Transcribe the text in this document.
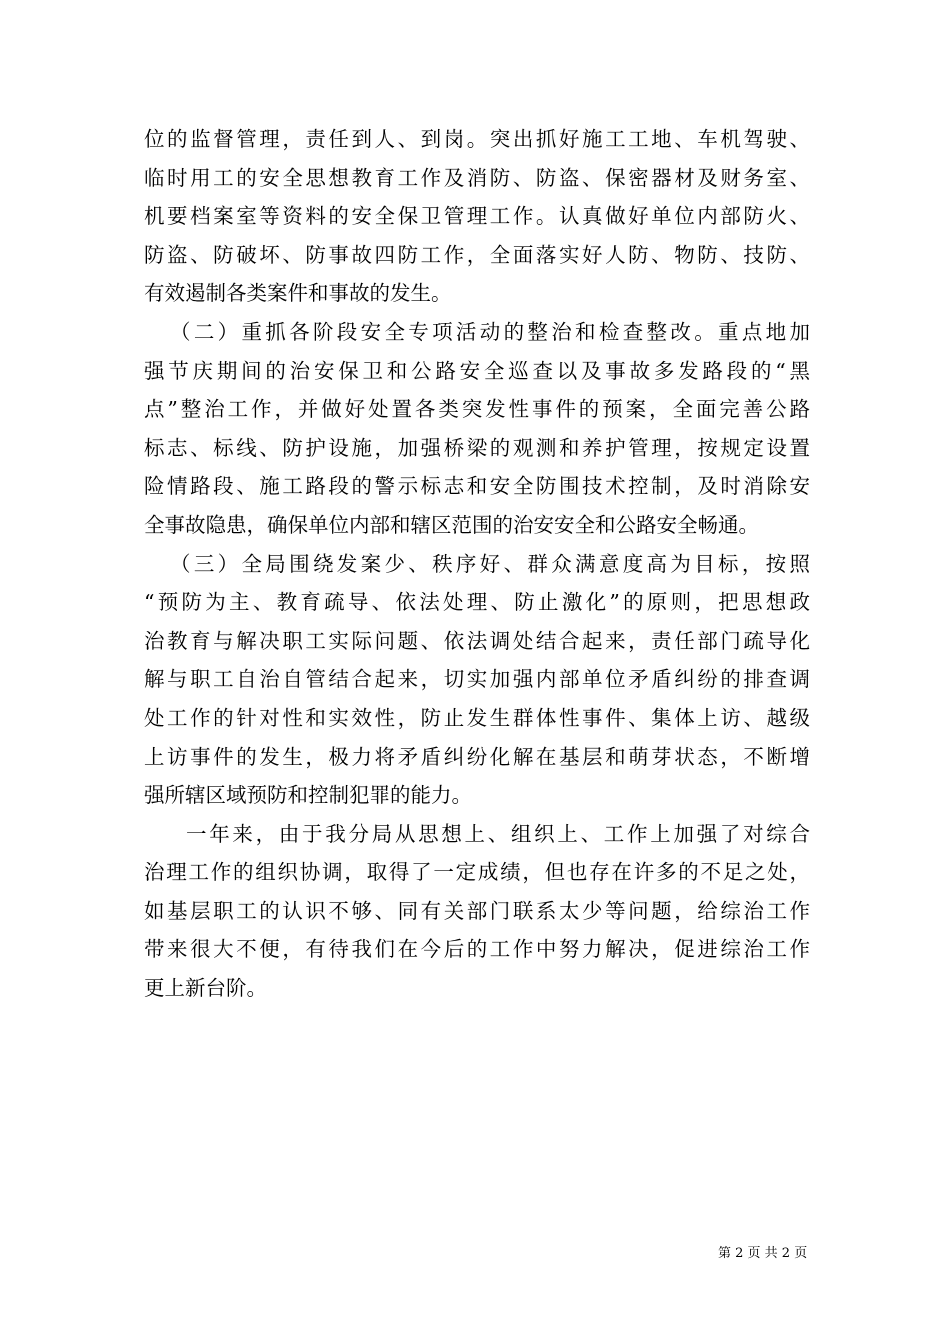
位的监督管理，责任到人、到岗。突出抓好施工工地、车机驾驶、
临时用工的安全思想教育工作及消防、防盗、保密器材及财务室、
机要档案室等资料的安全保卫管理工作。认真做好单位内部防火、
防盗、防破坏、防事故四防工作，全面落实好人防、物防、技防、
有效遏制各类案件和事故的发生。
（二）重抓各阶段安全专项活动的整治和检查整改。重点地加
强节庆期间的治安保卫和公路安全巡查以及事故多发路段的“黑
点”整治工作，并做好处置各类突发性事件的预案，全面完善公路
标志、标线、防护设施，加强桥梁的观测和养护管理，按规定设置
险情路段、施工路段的警示标志和安全防围技术控制，及时消除安
全事故隐患，确保单位内部和辖区范围的治安安全和公路安全畅通。
（三）全局围绕发案少、秩序好、群众满意度高为目标，按照
“预防为主、教育疏导、依法处理、防止激化”的原则，把思想政
治教育与解决职工实际问题、依法调处结合起来，责任部门疏导化
解与职工自治自管结合起来，切实加强内部单位矛盾纠纷的排查调
处工作的针对性和实效性，防止发生群体性事件、集体上访、越级
上访事件的发生，极力将矛盾纠纷化解在基层和萌芽状态，不断增
强所辖区域预防和控制犯罪的能力。
一年来，由于我分局从思想上、组织上、工作上加强了对综合
治理工作的组织协调，取得了一定成绩，但也存在许多的不足之处，
如基层职工的认识不够、同有关部门联系太少等问题，给综治工作
带来很大不便，有待我们在今后的工作中努力解决，促进综治工作
更上新台阶。
第 2 页 共 2 页
